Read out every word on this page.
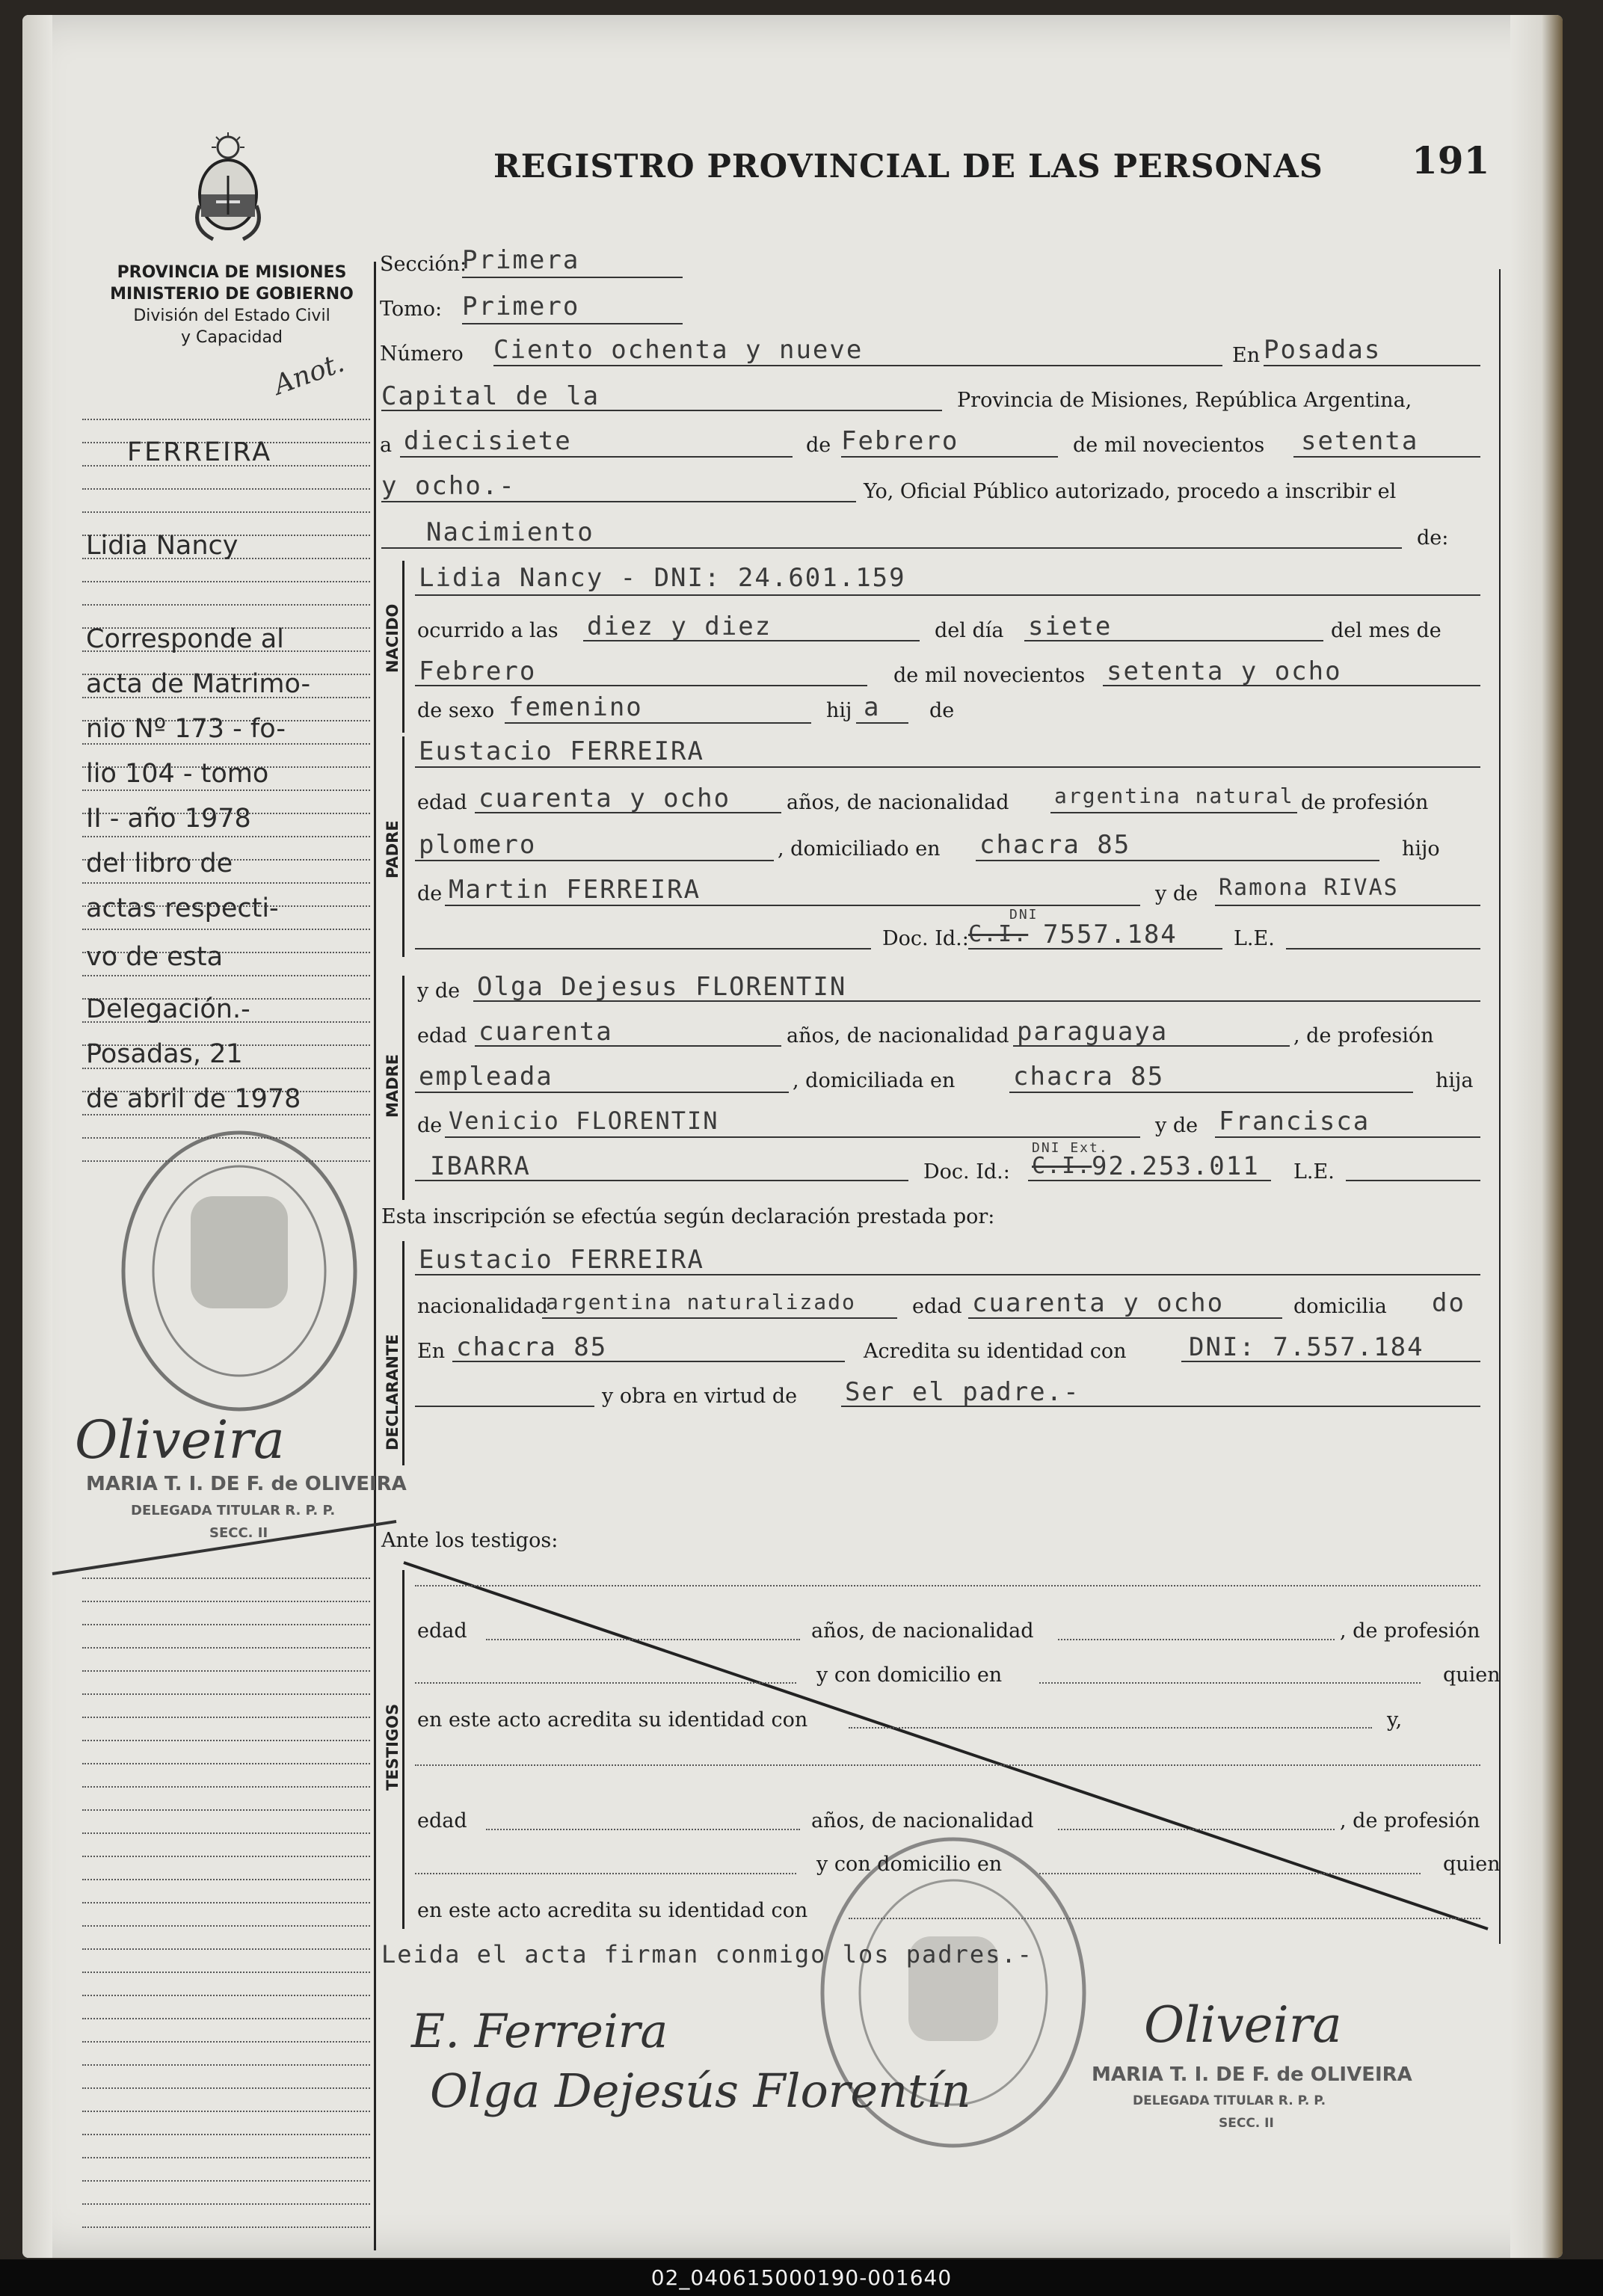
REGISTRO PROVINCIAL DE LAS PERSONAS 191
PROVINCIA DE MISIONES
MINISTERIO DE GOBIERNO
División del Estado Civil
y Capacidad
Anot.
FERREIRA
Lidia Nancy
Corresponde al
acta de Matrimo-
nio Nº 173 - fo-
lio 104 - tomo
II - año 1978
del libro de
actas respecti-
vo de esta
Delegación.-
Posadas, 21
de abril de 1978
Oliveira
MARIA T. I. DE F. de OLIVEIRA
DELEGADA TITULAR R. P. P.
SECC. II
Sección:
Primera
Tomo: Primero
Número Ciento ochenta y nueve	En Posadas
Capital de la	Provincia de Misiones, República Argentina,
a diecisiete	de Febrero	de mil novecientos setenta
y ocho.-	Yo, Oficial Público autorizado, procedo a inscribir el
Nacimiento	de:
NACIDO
Lidia Nancy - DNI: 24.601.159
ocurrido a las diez y diez	del día siete	del mes de
Febrero	de mil novecientos setenta y ocho
de sexo femenino	hij a de
PADRE
Eustacio FERREIRA
edad cuarenta y ocho	años, de nacionalidad argentina natural de profesión
plomero	, domiciliado en chacra 85	hijo
de Martin FERREIRA	y de Ramona RIVAS
Doc. Id.:
DNI
C.I. 7557.184	L.E.
MADRE
y de Olga Dejesus FLORENTIN
edad cuarenta	años, de nacionalidad paraguaya	, de profesión
empleada	, domiciliada en chacra 85	hija
de Venicio FLORENTIN	y de Francisca
IBARRA	Doc. Id.:
DNI Ext.
C.I. 92.253.011 L.E.
Esta inscripción se efectúa según declaración prestada por:
DECLARANTE
Eustacio FERREIRA
nacionalidad
argentina naturalizado	edad cuarenta y ocho	domicilia do
En chacra 85	Acredita su identidad con DNI: 7.557.184
y obra en virtud de Ser el padre.-
Ante los testigos:
TESTIGOS
edad	años, de nacionalidad	, de profesión
y con domicilio en	quien
en este acto acredita su identidad con	y,
edad	años, de nacionalidad	, de profesión
y con domicilio en	quien
en este acto acredita su identidad con
Leida el acta firman conmigo los padres.-
E. Ferreira
Olga Dejesús Florentín
Oliveira
MARIA T. I. DE F. de OLIVEIRA
DELEGADA TITULAR R. P. P.
SECC. II
02_040615000190-001640
